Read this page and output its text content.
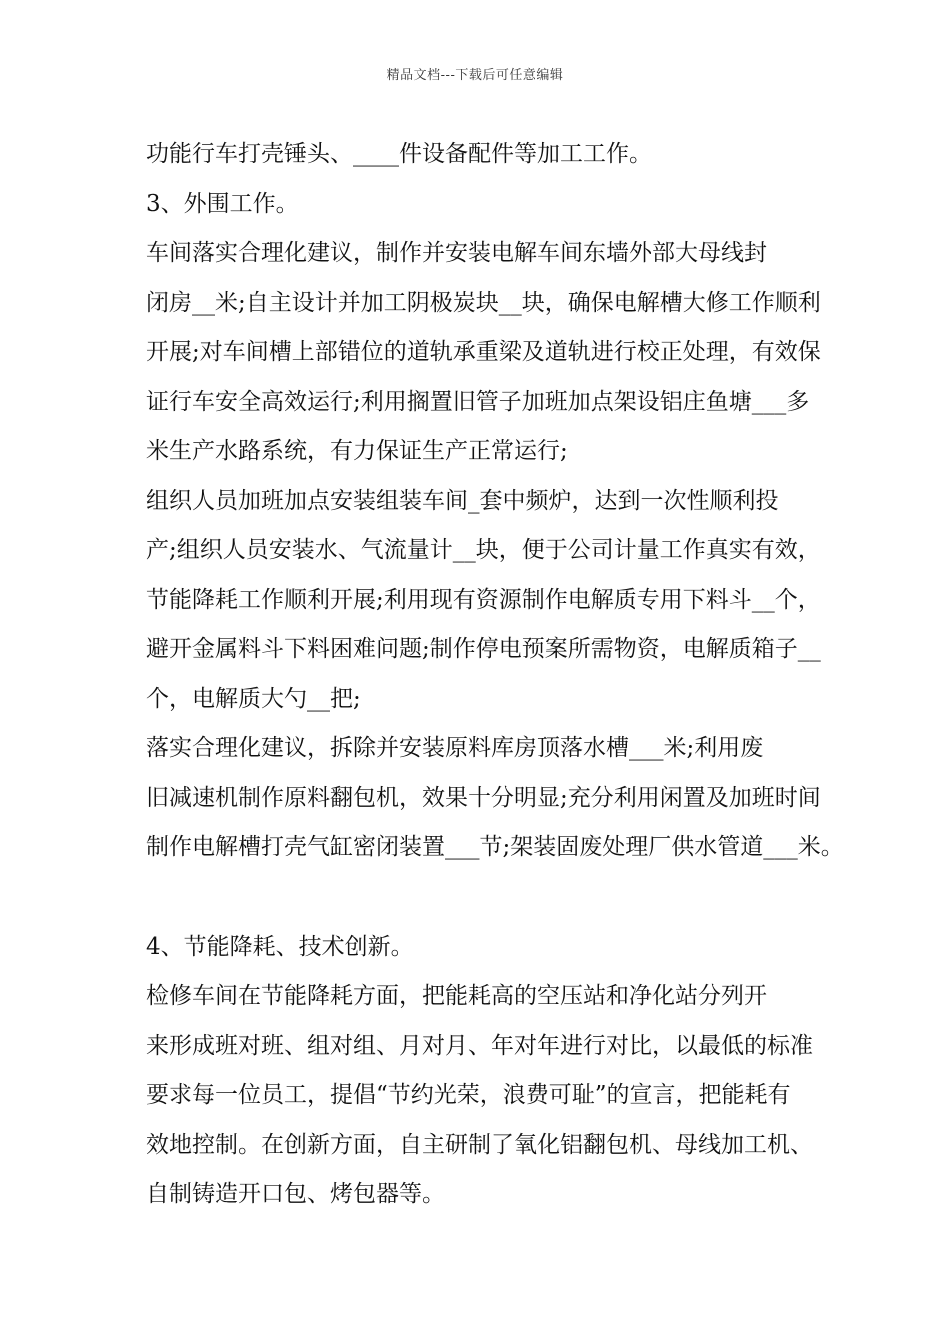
精品文档---下载后可任意编辑

功能行车打壳锤头、____件设备配件等加工工作。

3、外围工作。

车间落实合理化建议，制作并安装电解车间东墙外部大母线封

闭房__米;自主设计并加工阴极炭块__块，确保电解槽大修工作顺利

开展;对车间槽上部错位的道轨承重梁及道轨进行校正处理，有效保

证行车安全高效运行;利用搁置旧管子加班加点架设铝庄鱼塘___多

米生产水路系统，有力保证生产正常运行;

组织人员加班加点安装组装车间_套中频炉，达到一次性顺利投

产;组织人员安装水、气流量计__块，便于公司计量工作真实有效，

节能降耗工作顺利开展;利用现有资源制作电解质专用下料斗__个，

避开金属料斗下料困难问题;制作停电预案所需物资，电解质箱子__

个，电解质大勺__把;

落实合理化建议，拆除并安装原料库房顶落水槽___米;利用废

旧减速机制作原料翻包机，效果十分明显;充分利用闲置及加班时间

制作电解槽打壳气缸密闭装置___节;架装固废处理厂供水管道___米。

4、节能降耗、技术创新。

检修车间在节能降耗方面，把能耗高的空压站和净化站分列开

来形成班对班、组对组、月对月、年对年进行对比，以最低的标准

要求每一位员工，提倡“节约光荣，浪费可耻”的宣言，把能耗有

效地控制。在创新方面，自主研制了氧化铝翻包机、母线加工机、

自制铸造开口包、烤包器等。
